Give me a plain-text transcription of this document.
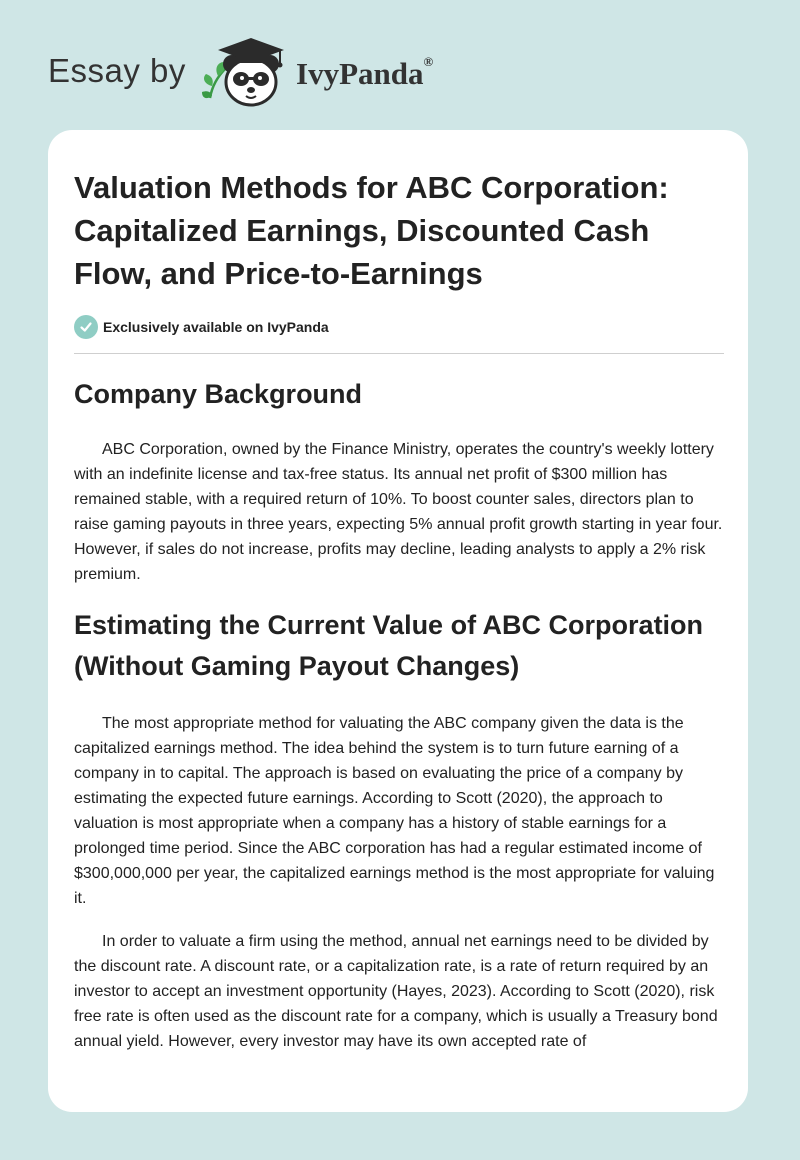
Essay by	IvyPanda®
Valuation Methods for ABC Corporation: Capitalized Earnings, Discounted Cash Flow, and Price-to-Earnings
Exclusively available on IvyPanda
Company Background

ABC Corporation, owned by the Finance Ministry, operates the country's weekly lottery with an indefinite license and tax-free status. Its annual net profit of $300 million has remained stable, with a required return of 10%. To boost counter sales, directors plan to raise gaming payouts in three years, expecting 5% annual profit growth starting in year four. However, if sales do not increase, profits may decline, leading analysts to apply a 2% risk premium.

Estimating the Current Value of ABC Corporation (Without Gaming Payout Changes)

The most appropriate method for valuating the ABC company given the data is the capitalized earnings method. The idea behind the system is to turn future earning of a company in to capital. The approach is based on evaluating the price of a company by estimating the expected future earnings. According to Scott (2020), the approach to valuation is most appropriate when a company has a history of stable earnings for a prolonged time period. Since the ABC corporation has had a regular estimated income of $300,000,000 per year, the capitalized earnings method is the most appropriate for valuing it.

In order to valuate a firm using the method, annual net earnings need to be divided by the discount rate. A discount rate, or a capitalization rate, is a rate of return required by an investor to accept an investment opportunity (Hayes, 2023). According to Scott (2020), risk free rate is often used as the discount rate for a company, which is usually a Treasury bond annual yield. However, every investor may have its own accepted rate of
